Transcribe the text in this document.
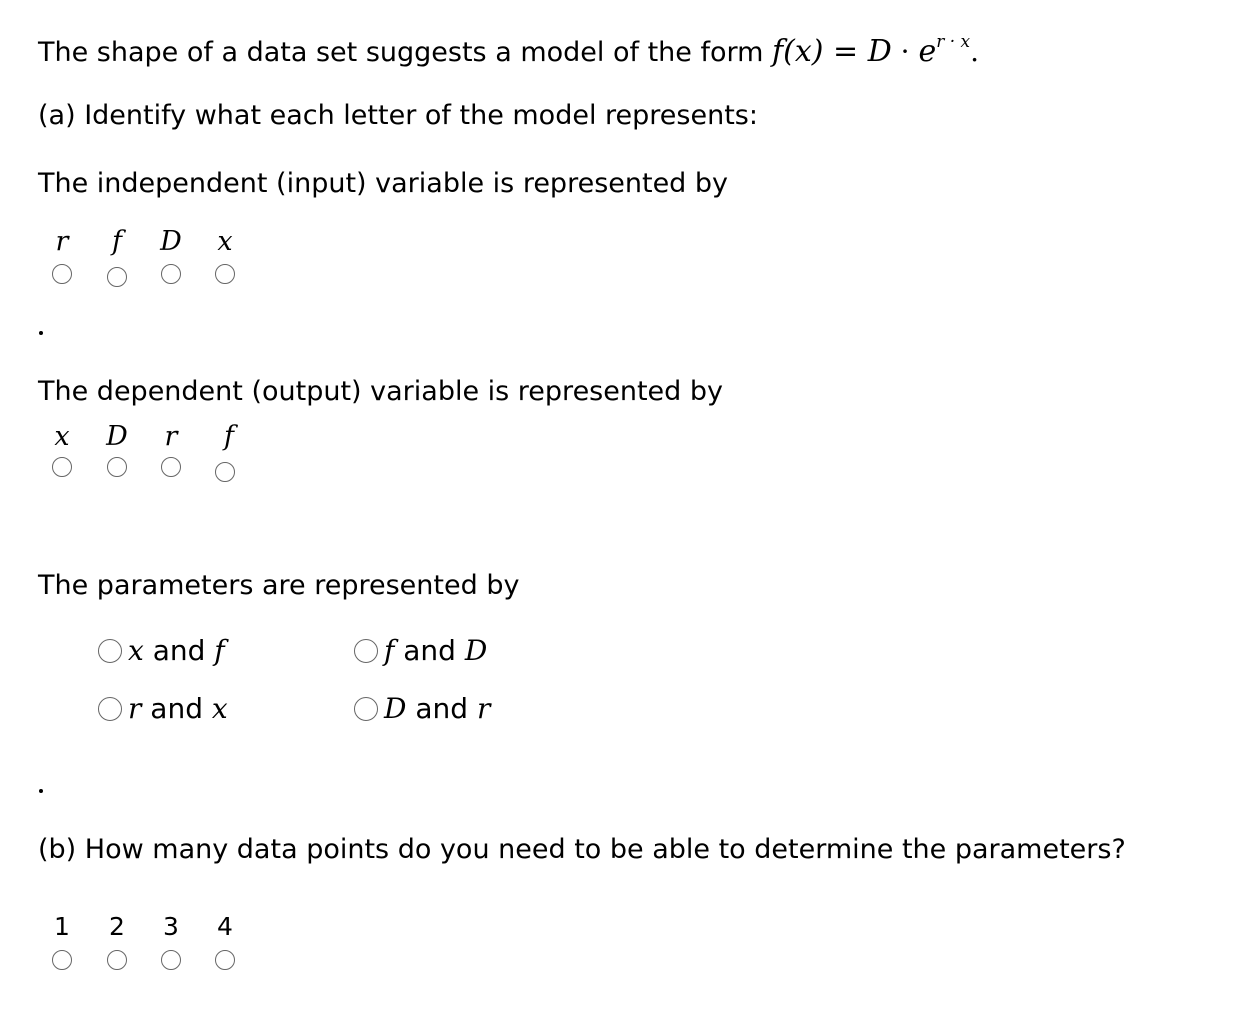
The shape of a data set suggests a model of the form $f(x) = D \cdot e^{r \cdot x}$.
(a) Identify what each letter of the model represents:
The independent (input) variable is represented by
r	f	D	x
The dependent (output) variable is represented by
x	D	r	f
The parameters are represented by
x and f	f and D
r and x	D and r
(b) How many data points do you need to be able to determine the parameters?
1	2	3	4
